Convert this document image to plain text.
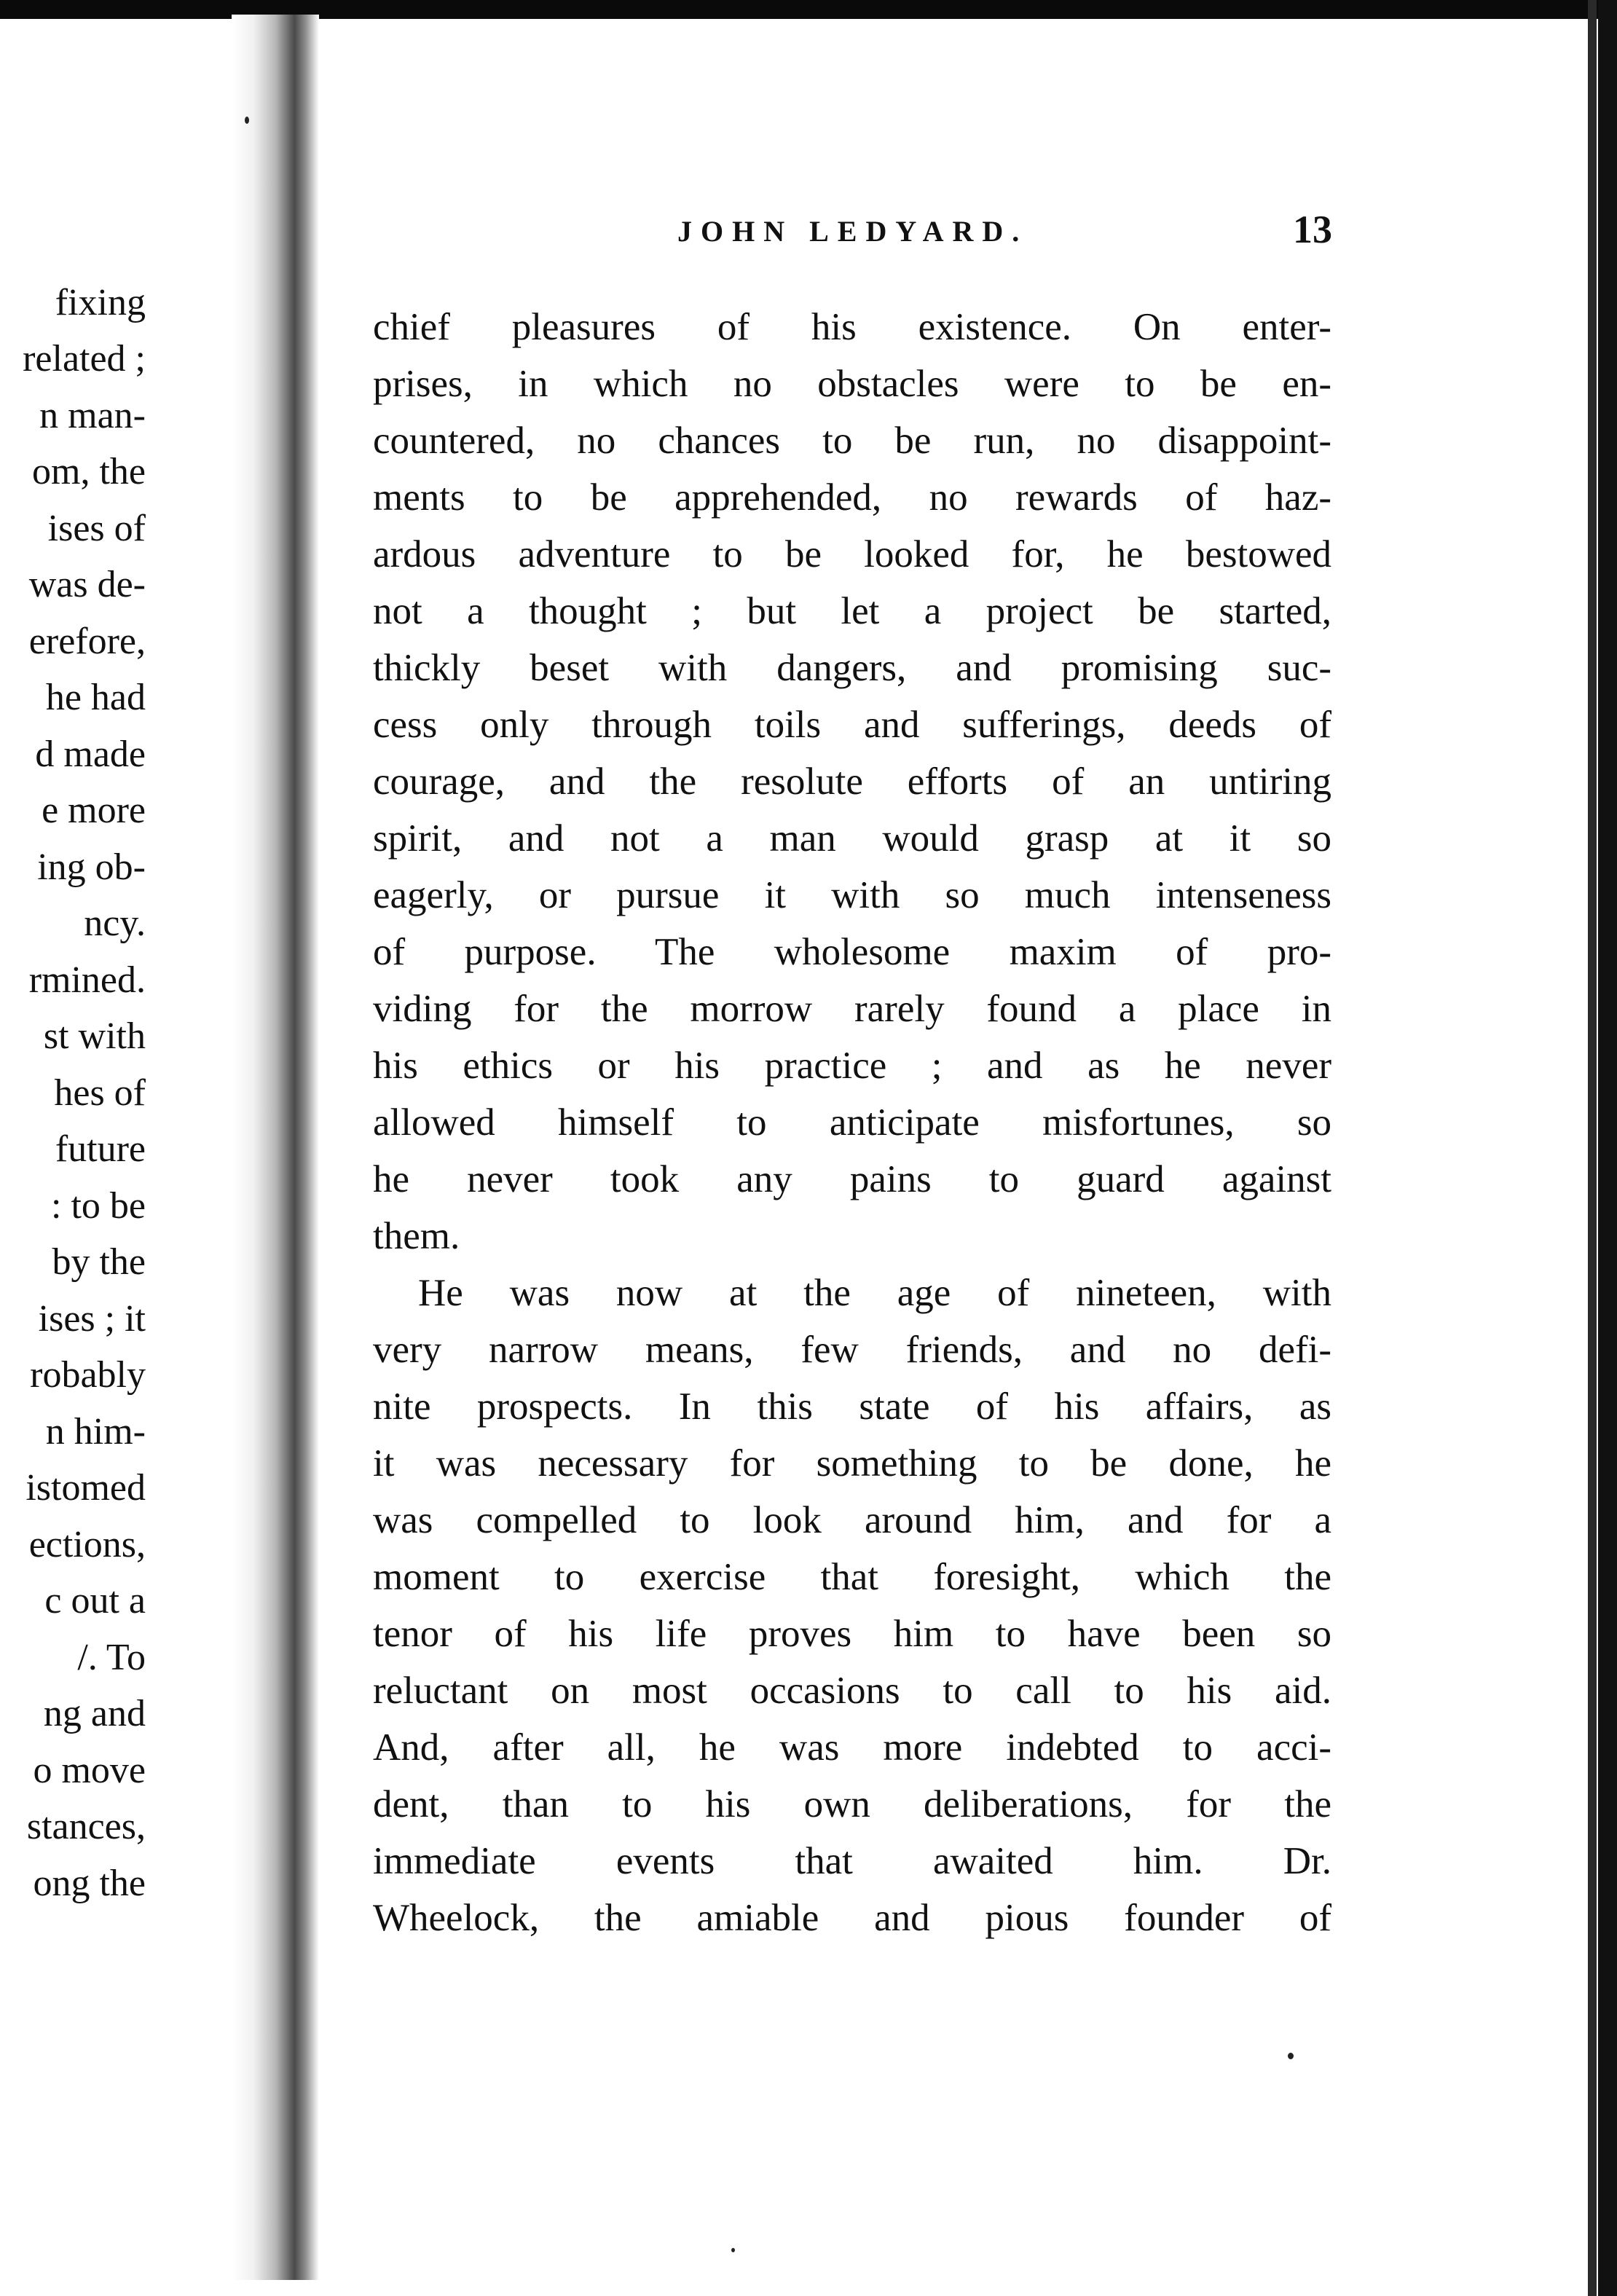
fixing
related ;
n man-
om, the
ises of
was de-
erefore,
he had
d made
e more
ing ob-
ncy.
rmined.
st with
hes of
future
: to be
by the
ises ; it
robably
n him-
istomed
ections,
c out a
/. To
ng and
o move
stances,
ong the
JOHN LEDYARD.	13
chief pleasures of his existence. On enter-
prises, in which no obstacles were to be en-
countered, no chances to be run, no disappoint-
ments to be apprehended, no rewards of haz-
ardous adventure to be looked for, he bestowed
not a thought ; but let a project be started,
thickly beset with dangers, and promising suc-
cess only through toils and sufferings, deeds of
courage, and the resolute efforts of an untiring
spirit, and not a man would grasp at it so
eagerly, or pursue it with so much intenseness
of purpose. The wholesome maxim of pro-
viding for the morrow rarely found a place in
his ethics or his practice ; and as he never
allowed himself to anticipate misfortunes, so
he never took any pains to guard against
them.
He was now at the age of nineteen, with
very narrow means, few friends, and no defi-
nite prospects. In this state of his affairs, as
it was necessary for something to be done, he
was compelled to look around him, and for a
moment to exercise that foresight, which the
tenor of his life proves him to have been so
reluctant on most occasions to call to his aid.
And, after all, he was more indebted to acci-
dent, than to his own deliberations, for the
immediate events that awaited him. Dr.
Wheelock, the amiable and pious founder of
